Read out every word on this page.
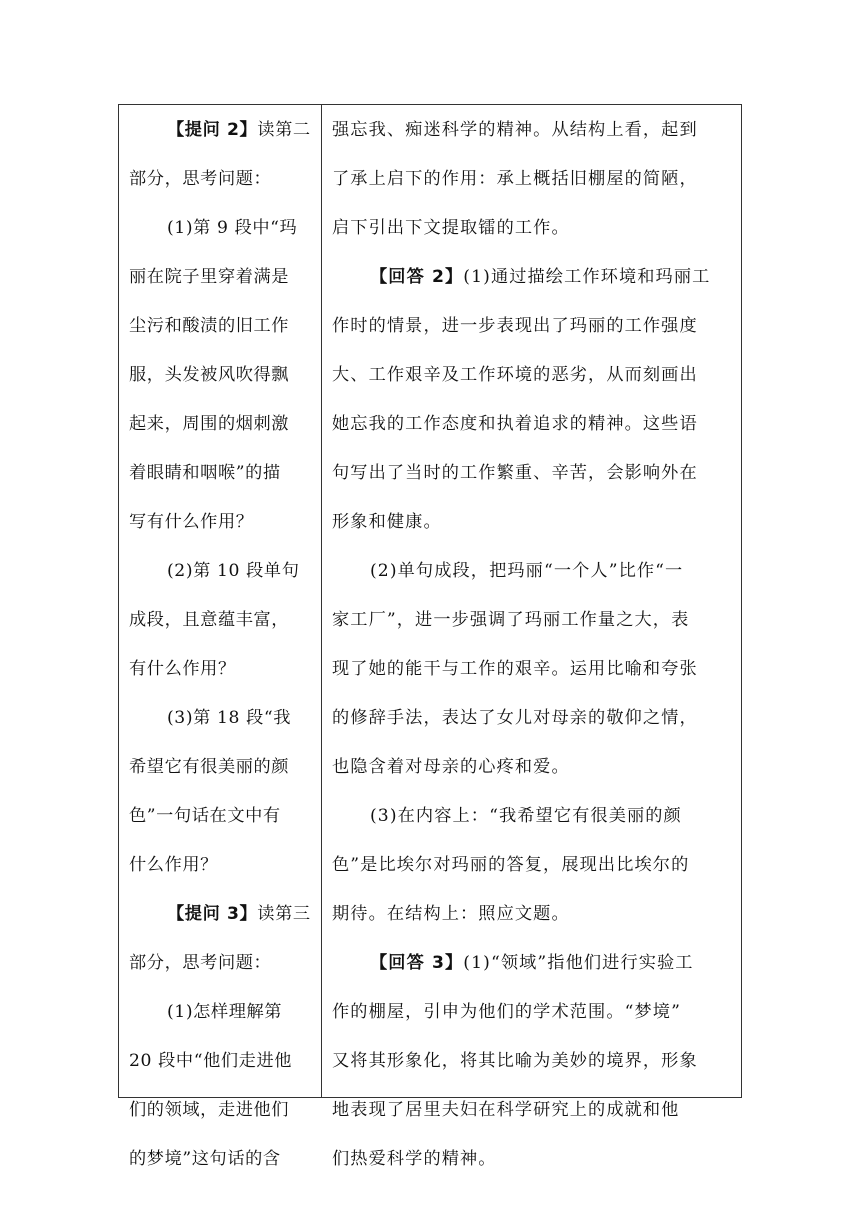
【提问 2】读第二
部分，思考问题：
(1)第 9 段中“玛
丽在院子里穿着满是
尘污和酸渍的旧工作
服，头发被风吹得飘
起来，周围的烟刺激
着眼睛和咽喉”的描
写有什么作用？
(2)第 10 段单句
成段，且意蕴丰富，
有什么作用？
(3)第 18 段“我
希望它有很美丽的颜
色”一句话在文中有
什么作用？
【提问 3】读第三
部分，思考问题：
(1)怎样理解第
20 段中“他们走进他
们的领域，走进他们
的梦境”这句话的含
强忘我、痴迷科学的精神。从结构上看，起到
了承上启下的作用：承上概括旧棚屋的简陋，
启下引出下文提取镭的工作。
【回答 2】(1)通过描绘工作环境和玛丽工
作时的情景，进一步表现出了玛丽的工作强度
大、工作艰辛及工作环境的恶劣，从而刻画出
她忘我的工作态度和执着追求的精神。这些语
句写出了当时的工作繁重、辛苦，会影响外在
形象和健康。
(2)单句成段，把玛丽“一个人”比作“一
家工厂”，进一步强调了玛丽工作量之大，表
现了她的能干与工作的艰辛。运用比喻和夸张
的修辞手法，表达了女儿对母亲的敬仰之情，
也隐含着对母亲的心疼和爱。
(3)在内容上：“我希望它有很美丽的颜
色”是比埃尔对玛丽的答复，展现出比埃尔的
期待。在结构上：照应文题。
【回答 3】(1)“领域”指他们进行实验工
作的棚屋，引申为他们的学术范围。“梦境”
又将其形象化，将其比喻为美妙的境界，形象
地表现了居里夫妇在科学研究上的成就和他
们热爱科学的精神。
